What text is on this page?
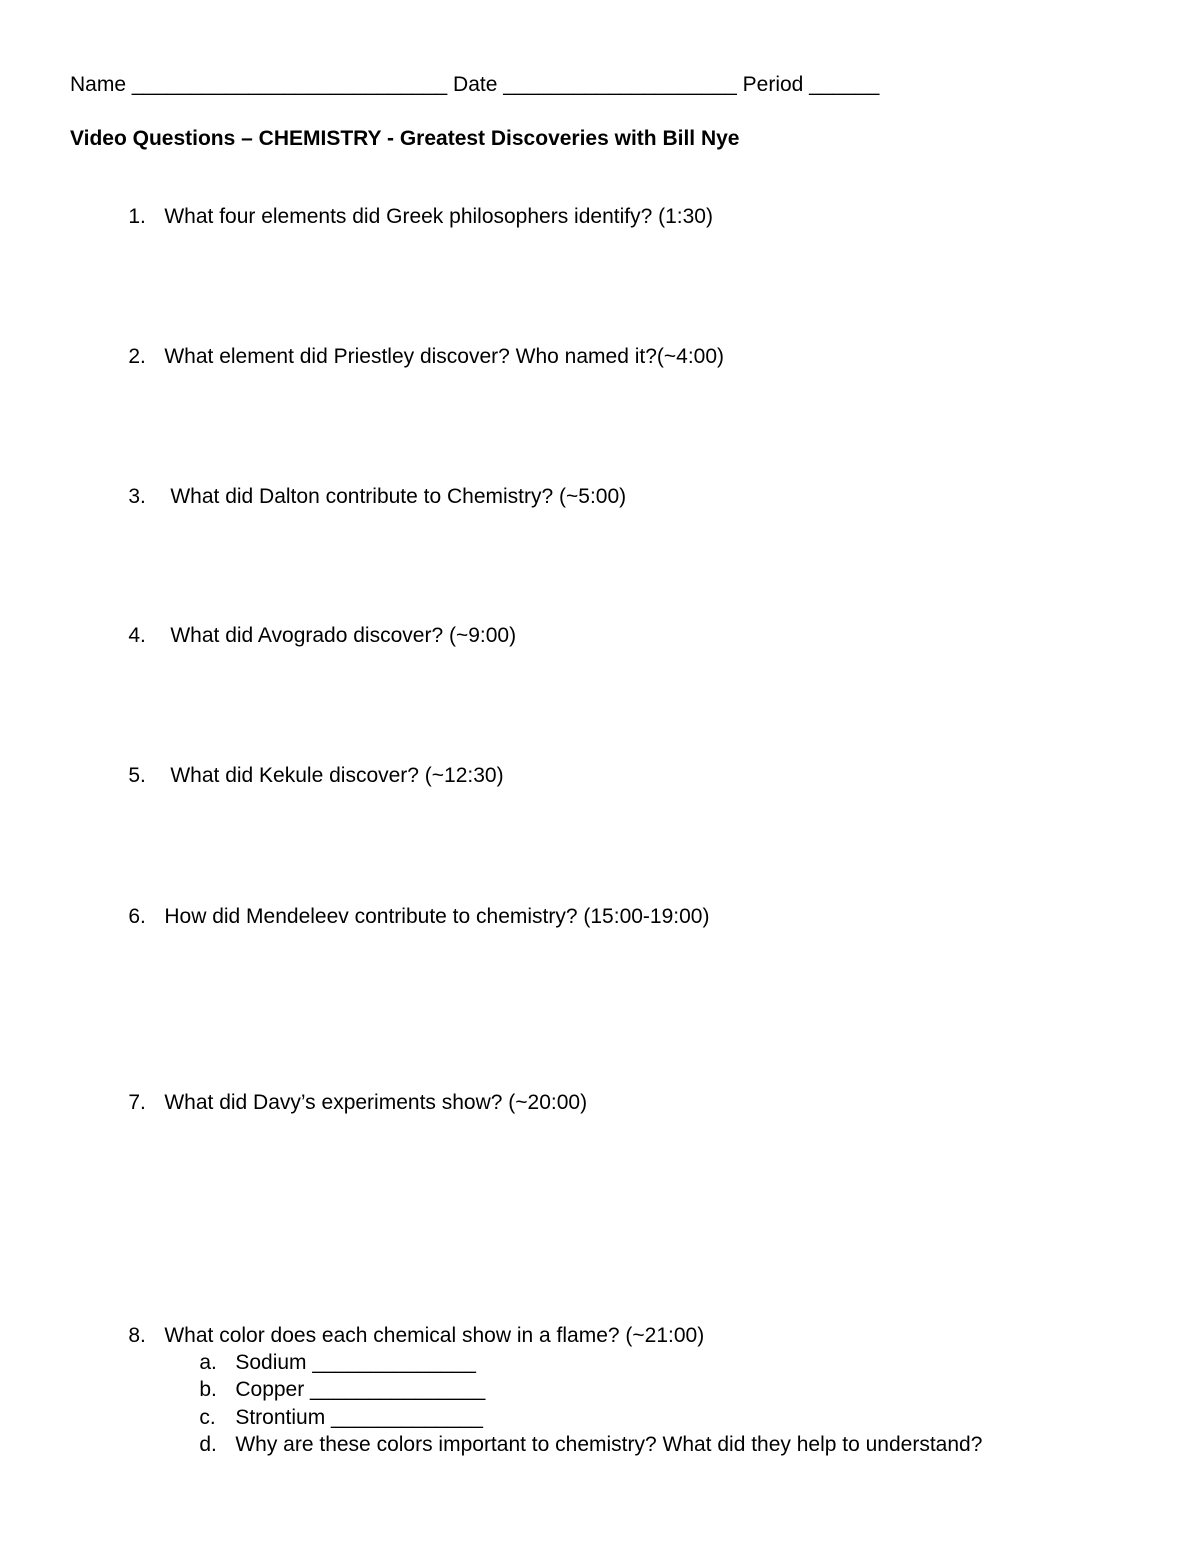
Name ___________________________ Date ____________________ Period ______
Video Questions – CHEMISTRY - Greatest Discoveries with Bill Nye

1. What four elements did Greek philosophers identify? (1:30)

2. What element did Priestley discover? Who named it?(~4:00)

3. What did Dalton contribute to Chemistry? (~5:00)

4. What did Avogrado discover? (~9:00)

5. What did Kekule discover? (~12:30)

6. How did Mendeleev contribute to chemistry? (15:00-19:00)

7. What did Davy’s experiments show? (~20:00)

8. What color does each chemical show in a flame? (~21:00)

a. Sodium ______________

b. Copper _______________

c. Strontium _____________

d. Why are these colors important to chemistry? What did they help to understand?
